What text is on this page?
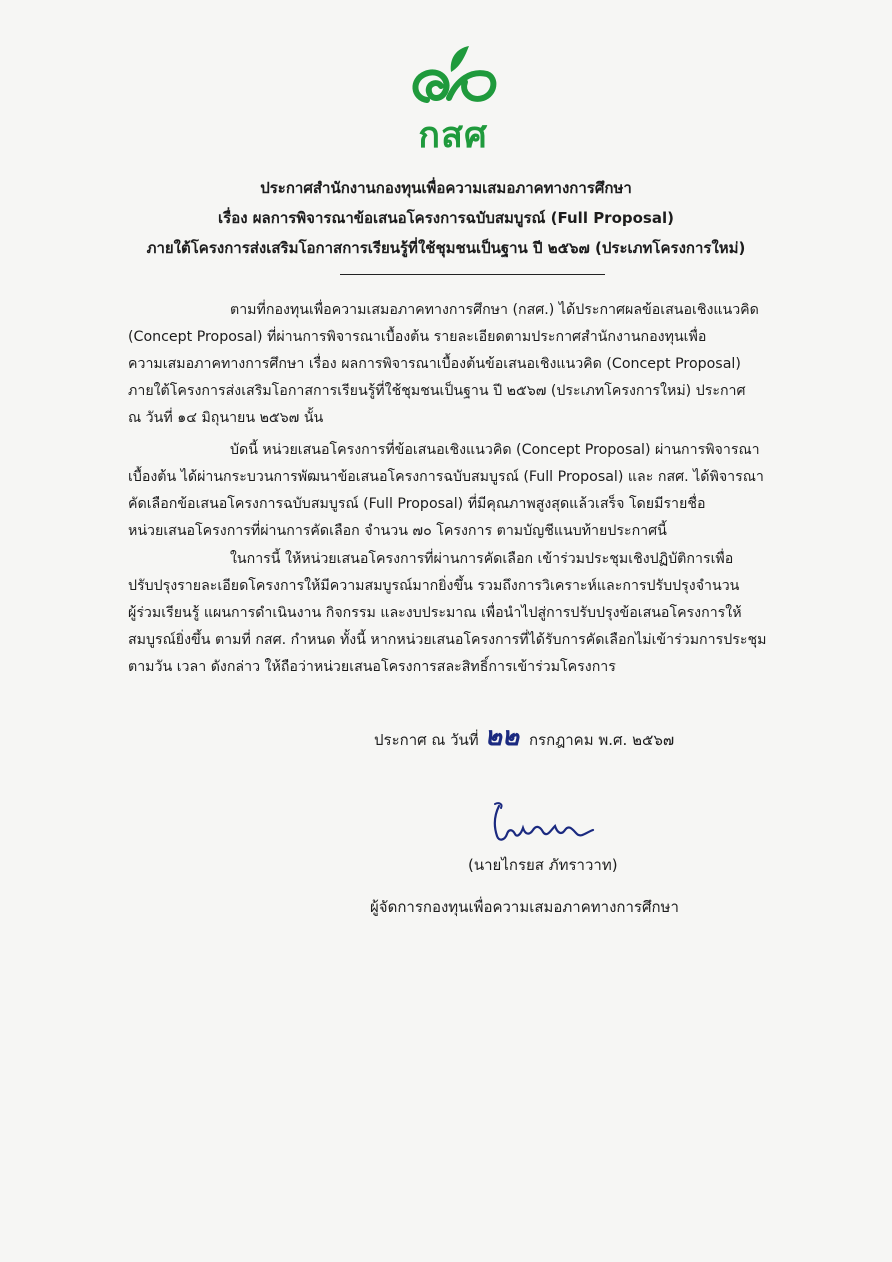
กสศ
ประกาศสำนักงานกองทุนเพื่อความเสมอภาคทางการศึกษา
เรื่อง ผลการพิจารณาข้อเสนอโครงการฉบับสมบูรณ์ (Full Proposal)
ภายใต้โครงการส่งเสริมโอกาสการเรียนรู้ที่ใช้ชุมชนเป็นฐาน ปี ๒๕๖๗ (ประเภทโครงการใหม่)
ตามที่กองทุนเพื่อความเสมอภาคทางการศึกษา (กสศ.) ได้ประกาศผลข้อเสนอเชิงแนวคิด
(Concept Proposal) ที่ผ่านการพิจารณาเบื้องต้น รายละเอียดตามประกาศสำนักงานกองทุนเพื่อ
ความเสมอภาคทางการศึกษา เรื่อง ผลการพิจารณาเบื้องต้นข้อเสนอเชิงแนวคิด (Concept Proposal)
ภายใต้โครงการส่งเสริมโอกาสการเรียนรู้ที่ใช้ชุมชนเป็นฐาน ปี ๒๕๖๗ (ประเภทโครงการใหม่) ประกาศ
ณ วันที่ ๑๔ มิถุนายน ๒๕๖๗ นั้น
บัดนี้ หน่วยเสนอโครงการที่ข้อเสนอเชิงแนวคิด (Concept Proposal) ผ่านการพิจารณา
เบื้องต้น ได้ผ่านกระบวนการพัฒนาข้อเสนอโครงการฉบับสมบูรณ์ (Full Proposal) และ กสศ. ได้พิจารณา
คัดเลือกข้อเสนอโครงการฉบับสมบูรณ์ (Full Proposal) ที่มีคุณภาพสูงสุดแล้วเสร็จ โดยมีรายชื่อ
หน่วยเสนอโครงการที่ผ่านการคัดเลือก จำนวน ๗๐ โครงการ ตามบัญชีแนบท้ายประกาศนี้
ในการนี้ ให้หน่วยเสนอโครงการที่ผ่านการคัดเลือก เข้าร่วมประชุมเชิงปฏิบัติการเพื่อ
ปรับปรุงรายละเอียดโครงการให้มีความสมบูรณ์มากยิ่งขึ้น รวมถึงการวิเคราะห์และการปรับปรุงจำนวน
ผู้ร่วมเรียนรู้ แผนการดำเนินงาน กิจกรรม และงบประมาณ เพื่อนำไปสู่การปรับปรุงข้อเสนอโครงการให้
สมบูรณ์ยิ่งขึ้น ตามที่ กสศ. กำหนด ทั้งนี้ หากหน่วยเสนอโครงการที่ได้รับการคัดเลือกไม่เข้าร่วมการประชุม
ตามวัน เวลา ดังกล่าว ให้ถือว่าหน่วยเสนอโครงการสละสิทธิ์การเข้าร่วมโครงการ
ประกาศ ณ วันที่ ๒๒ กรกฎาคม พ.ศ. ๒๕๖๗
(นายไกรยส ภัทราวาท)
ผู้จัดการกองทุนเพื่อความเสมอภาคทางการศึกษา
